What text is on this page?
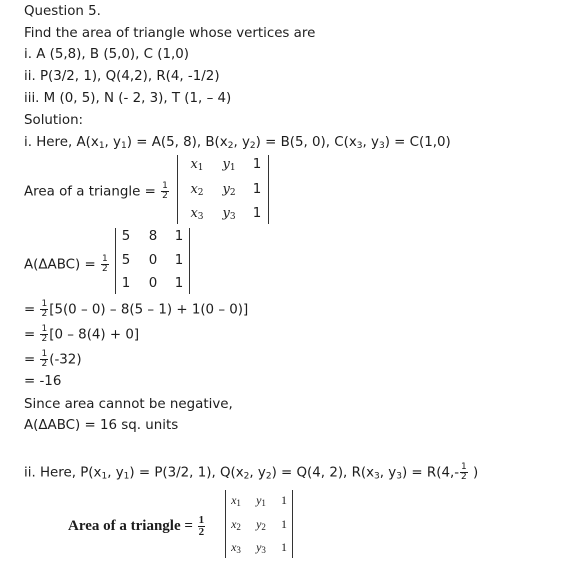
Question 5.
Find the area of triangle whose vertices are
i. A (5,8), B (5,0), C (1,0)
ii. P(3/2, 1), Q(4,2), R(4, -1/2)
iii. M (0, 5), N (- 2, 3), T (1, – 4)
Solution:
i. Here, $A(x_1$, $y_1) = A(5$, 8), $B(x_2$, $y_2) = B(5$, 0), $C(x_3$, $y_3) = C(1,0)$
Area of a triangle = $\frac{1}{2}$
$x_1$	$y_1$	1
$x_2$	$y_2$	1
$x_3$	$y_3$	1
$A(\Delta ABC) = \frac{1}{2}$
5 8 1
5 0 1
1 0 1
= $\frac{1}{2} [5(0 - 0) - 8(5 - 1) + 1(0 - 0)]$
= $\frac{1}{2} [0 - 8(4) + 0]$
= $\frac{1}{2} (-32)$
= -16
Since area cannot be negative,
A(ΔABC) = 16 sq. units
ii. Here, $P(x_1$, $y_1) = P(3/2$, 1), $Q(x_2$, $y_2) = Q(4$, 2), $R(x_3$, $y_3) = R(4,- \frac{1}{2}$ )
Area of a triangle = $\frac{1}{2}$
$x_1$ $y_1$ 1
$x_2$ $y_2$ 1
$x_3$ $y_3$ 1
